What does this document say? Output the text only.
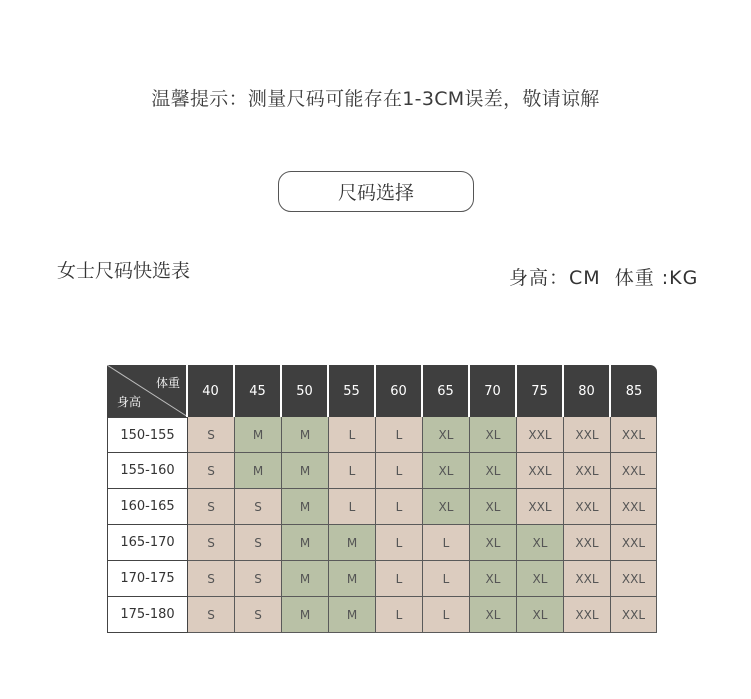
温馨提示：测量尺码可能存在1-3CM误差，敬请谅解
尺码选择
女士尺码快选表	身高：CM  体重 :KG
体重
身高
40	45	50	55	60	65	70	75	80	85
150-155	S	M	M	L	L	XL	XL	XXL	XXL	XXL
155-160	S	M	M	L	L	XL	XL	XXL	XXL	XXL
160-165	S	S	M	L	L	XL	XL	XXL	XXL	XXL
165-170	S	S	M	M	L	L	XL	XL	XXL	XXL
170-175	S	S	M	M	L	L	XL	XL	XXL	XXL
175-180	S	S	M	M	L	L	XL	XL	XXL	XXL
